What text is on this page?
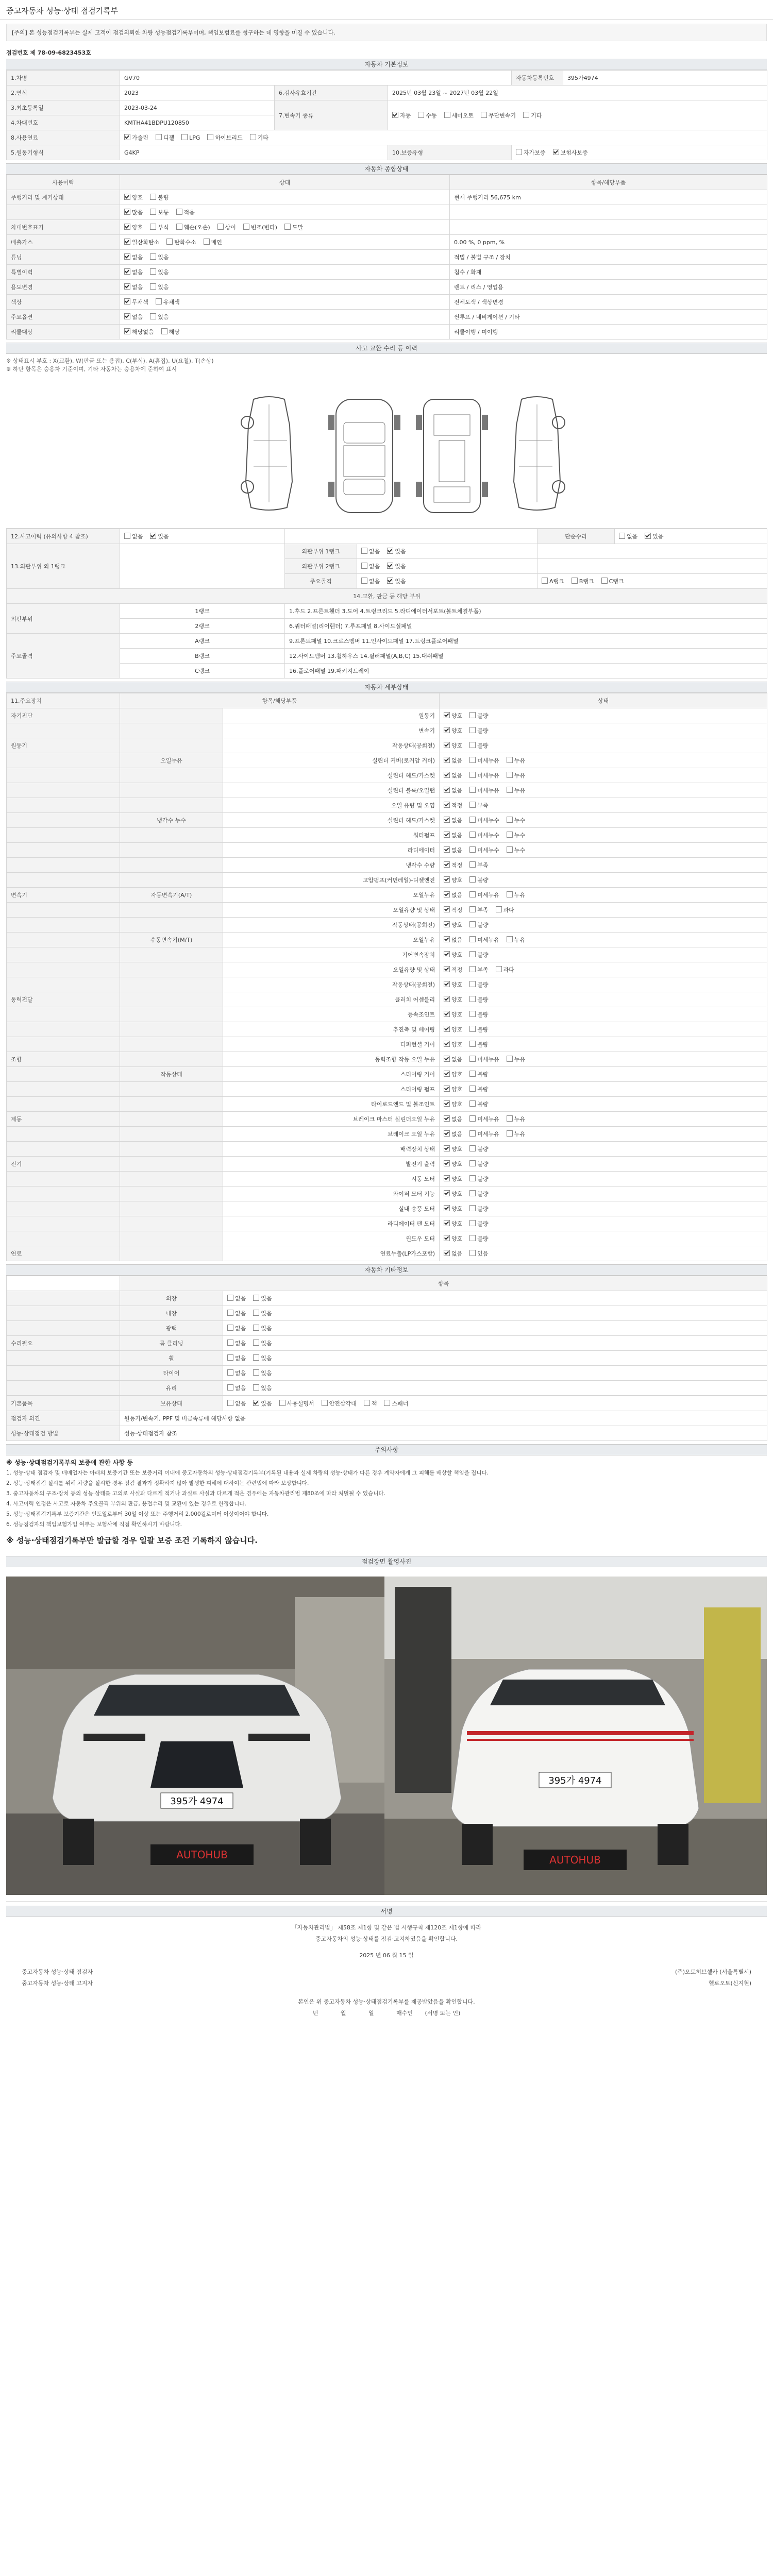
중고자동차 성능·상태 점검기록부
[주의] 본 성능점검기록부는 실제 고객이 점검의뢰한 차량 성능점검기록부이며, 책임보험료를 청구하는 데 영향을 미칠 수 있습니다.
점검번호 제 78-09-6823453호
자동차 기본정보
1.차명	GV70			자동차등록번호	395가4974
2.연식	2023	6.검사유효기간	2025년 03월 23일 ~ 2027년 03월 22일		
3.최초등록일	2023-03-24	7.변속기 종류	자동 수동 세미오토 무단변속기 기타		
4.차대번호	KMTHA41BDPU120850				
8.사용연료	가솔린 디젤 LPG 하이브리드 기타				
5.원동기형식	G4KP		10.보증유형	자가보증 보험사보증	
자동차 종합상태
사용이력	상태	항목/해당부품
주행거리 및 계기상태	양호 불량	현재 주행거리 56,675 km
	많음 보통 적음	
차대번호표기	양호 부식 훼손(오손) 상이 변조(변타) 도말	
배출가스	일산화탄소 탄화수소 매연	0.00 %, 0 ppm, %
튜닝	없음 있음	적법 / 불법 구조 / 장치
특별이력	없음 있음	침수 / 화재
용도변경	없음 있음	렌트 / 리스 / 영업용
색상	무채색 유채색	전체도색 / 색상변경
주요옵션	없음 있음	썬루프 / 네비게이션 / 기타
리콜대상	해당없음 해당	리콜이행 / 미이행
사고 교환 수리 등 이력
※ 상태표시 부호 : X(교환), W(판금 또는 용접), C(부식), A(흠집), U(요철), T(손상)
※ 하단 항목은 승용차 기준이며, 기타 자동차는 승용차에 준하여 표시
12.사고이력 (유의사항 4 참조)	없음 있음			단순수리	없음 있음
13.외판부위 외 1랭크		외판부위 1랭크	없음 있음		
		외판부위 2랭크	없음 있음		
		주요골격	없음 있음	A랭크 B랭크 C랭크	
14.교환, 판금 등 해당 부위					
외판부위	1랭크	1.후드 2.프론트휀더 3.도어 4.트렁크리드 5.라디에이터서포트(볼트체결부품)			
	2랭크	6.쿼터패널(리어휀더) 7.루프패널 8.사이드실패널			
주요골격	A랭크	9.프론트패널 10.크로스멤버 11.인사이드패널 17.트렁크플로어패널			
	B랭크	12.사이드멤버 13.휠하우스 14.필러패널(A,B,C) 15.대쉬패널			
	C랭크	16.플로어패널 19.패키지트레이			
자동차 세부상태
11.주요장치	항목/해당부품		상태
자기진단		원동기	양호 불량
		변속기	양호 불량
원동기		작동상태(공회전)	양호 불량
	오일누유	실린더 커버(로커암 커버)	없음 미세누유 누유
		실린더 헤드/가스켓	없음 미세누유 누유
		실린더 블록/오일팬	없음 미세누유 누유
		오일 유량 및 오염	적정 부족
	냉각수 누수	실린더 헤드/가스켓	없음 미세누수 누수
		워터펌프	없음 미세누수 누수
		라디에이터	없음 미세누수 누수
		냉각수 수량	적정 부족
		고압펌프(커먼레일)-디젤엔진	양호 불량
변속기	자동변속기(A/T)	오일누유	없음 미세누유 누유
		오일유량 및 상태	적정 부족 과다
		작동상태(공회전)	양호 불량
	수동변속기(M/T)	오일누유	없음 미세누유 누유
		기어변속장치	양호 불량
		오일유량 및 상태	적정 부족 과다
		작동상태(공회전)	양호 불량
동력전달		클러치 어셈블리	양호 불량
		등속조인트	양호 불량
		추진축 및 베어링	양호 불량
		디퍼런셜 기어	양호 불량
조향		동력조향 작동 오일 누유	없음 미세누유 누유
	작동상태	스티어링 기어	양호 불량
		스티어링 펌프	양호 불량
		타이로드엔드 및 볼조인트	양호 불량
제동		브레이크 마스터 실린더오일 누유	없음 미세누유 누유
		브레이크 오일 누유	없음 미세누유 누유
		배력장치 상태	양호 불량
전기		발전기 출력	양호 불량
		시동 모터	양호 불량
		와이퍼 모터 기능	양호 불량
		실내 송풍 모터	양호 불량
		라디에이터 팬 모터	양호 불량
		윈도우 모터	양호 불량
연료		연료누출(LP가스포함)	없음 있음
자동차 기타정보
	항목	
	외장	없음 있음
	내장	없음 있음
	광택	없음 있음
수리필요	룸 클리닝	없음 있음
	휠	없음 있음
	타이어	없음 있음
	유리	없음 있음
기본품목	보유상태	없음 있음 사용설명서 안전삼각대 잭 스패너
점검자 의견	원동기/변속기, PPF 및 비금속류에 해당사항 없음	
성능·상태점검 방법	성능·상태점검자 참조	
주의사항

※ 성능·상태점검기록부의 보증에 관한 사항 등

1. 성능·상태 점검자 및 매매업자는 아래의 보증기간 또는 보증거리 이내에 중고자동차의 성능·상태점검기록부(기록된 내용과 실제 차량의 성능·상태가 다른 경우 계약자에게 그 피해를 배상할 책임을 집니다.

2. 성능·상태점검 실시를 위해 차량을 실시한 경우 점검 결과가 정확하지 않아 발생한 피해에 대하여는 관련법에 따라 보상합니다.

3. 중고자동차의 구조·장치 등의 성능·상태를 고의로 사실과 다르게 적거나 과실로 사실과 다르게 적은 경우에는 자동차관리법 제80조에 따라 처벌될 수 있습니다.

4. 사고이력 인정은 사고로 자동차 주요골격 부위의 판금, 용접수리 및 교환이 있는 경우로 한정합니다.

5. 성능·상태점검기록부 보증기간은 인도일로부터 30일 이상 또는 주행거리 2,000킬로미터 이상이어야 합니다.

6. 성능점검자의 책임보험가입 여부는 보험사에 직접 확인하시기 바랍니다.

※ 성능·상태점검기록부만 발급할 경우 일괄 보증 조건 기록하지 않습니다.
점검장면 촬영사진
395가 4974
AUTOHUB
395가 4974
AUTOHUB
서명
「자동차관리법」 제58조 제1항 및 같은 법 시행규칙 제120조 제1항에 따라
중고자동차의 성능·상태를 점검·고지하였음을 확인합니다.
2025 년 06 월 15 일
중고자동차 성능·상태 점검자	(주)오토허브셀카 (서울특별시)
중고자동차 성능·상태 고지자	헬로오토(신지현)
본인은 위 중고자동차 성능·상태점검기록부를 제공받았음을 확인합니다.
년	월	일	매수인 (서명 또는 인)
